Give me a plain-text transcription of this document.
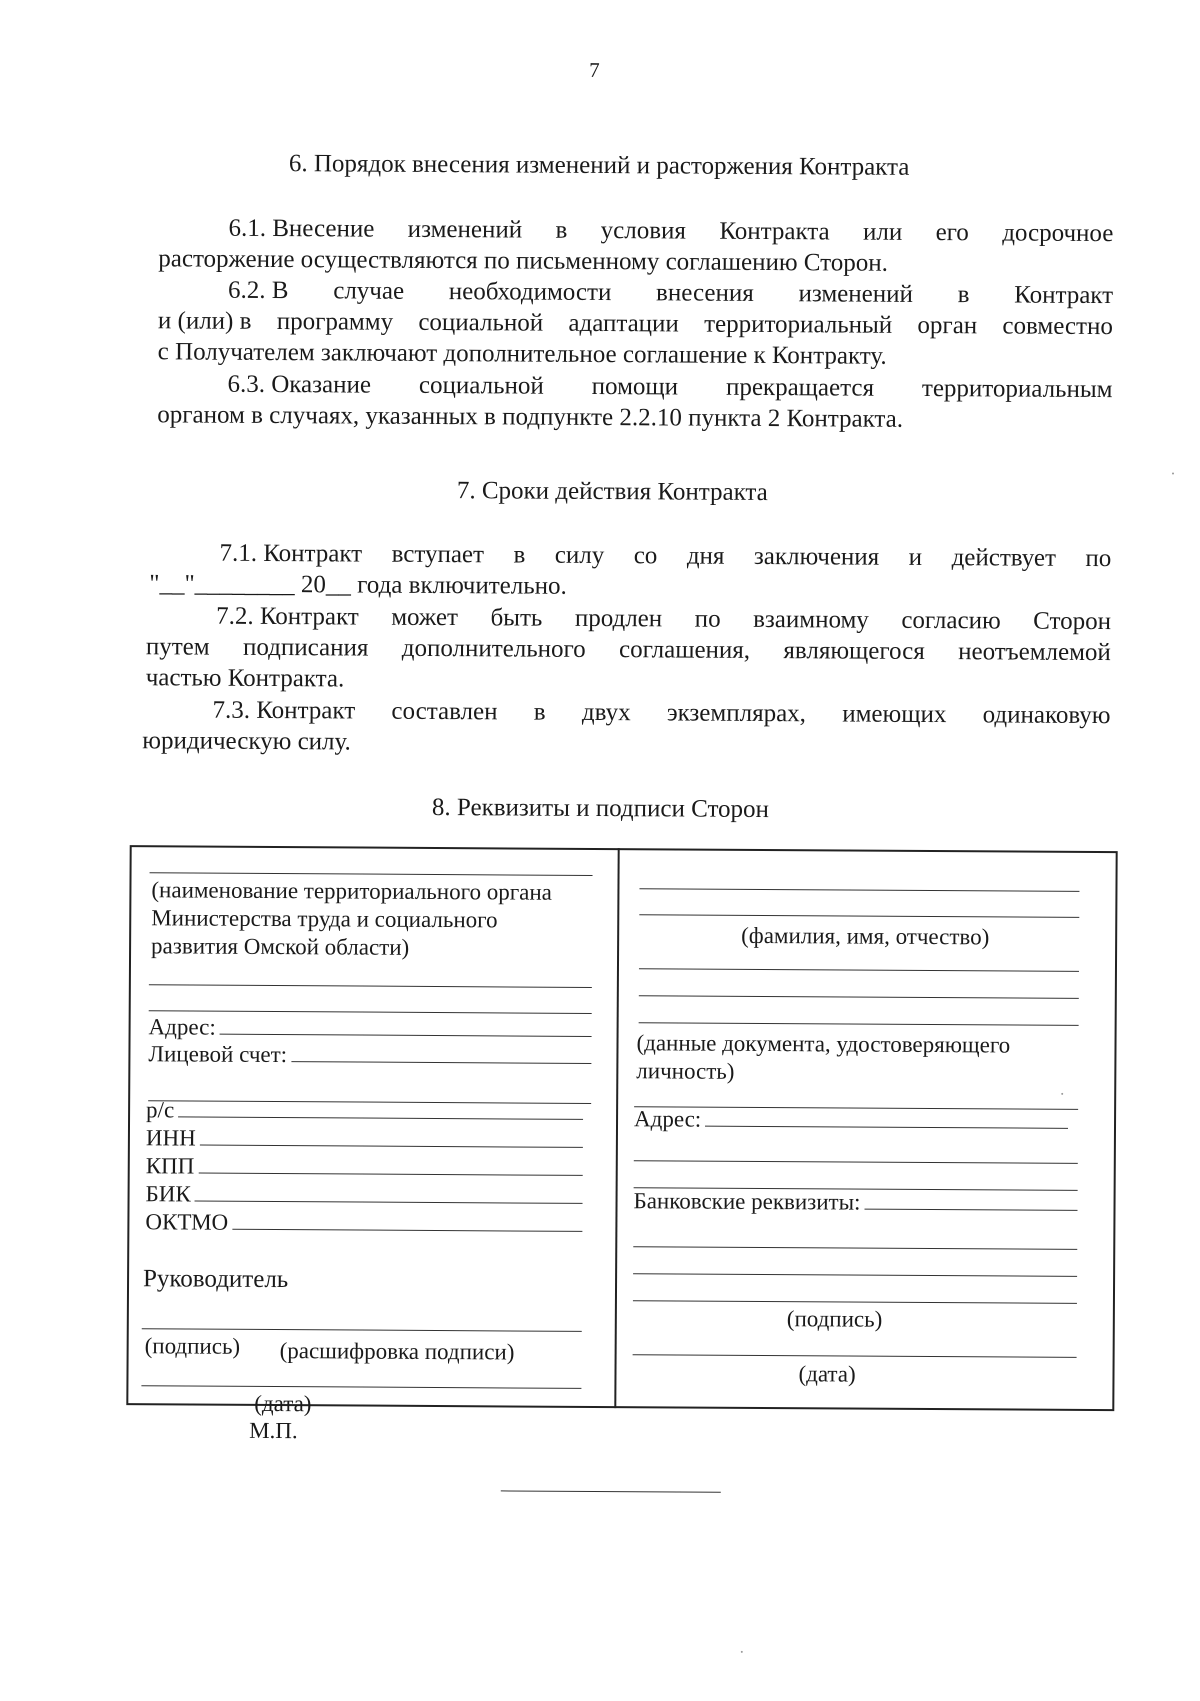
7
6. Порядок внесения изменений и расторжения Контракта
6.1. Внесение изменений в условия Контракта или его досрочное
расторжение осуществляются по письменному соглашению Сторон.
6.2. В случае необходимости внесения изменений в Контракт
и (или) в программу социальной адаптации территориальный орган совместно
с Получателем заключают дополнительное соглашение к Контракту.
6.3. Оказание социальной помощи прекращается территориальным
органом в случаях, указанных в подпункте 2.2.10 пункта 2 Контракта.
7. Сроки действия Контракта
7.1. Контракт вступает в силу со дня заключения и действует по
"__"________ 20__ года включительно.
7.2. Контракт может быть продлен по взаимному согласию Сторон
путем подписания дополнительного соглашения, являющегося неотъемлемой
частью Контракта.
7.3. Контракт составлен в двух экземплярах, имеющих одинаковую
юридическую силу.
8. Реквизиты и подписи Сторон
(наименование территориального органа
Министерства труда и социального
развития Омской области)
Адрес:
Лицевой счет:
р/с
ИНН
КПП
БИК
ОКТМО
Руководитель
(подпись) (расшифровка подписи)
(дата)
М.П.
(фамилия, имя, отчество)
(данные документа, удостоверяющего
личность)
Адрес:
Банковские реквизиты:
(подпись)
(дата)
